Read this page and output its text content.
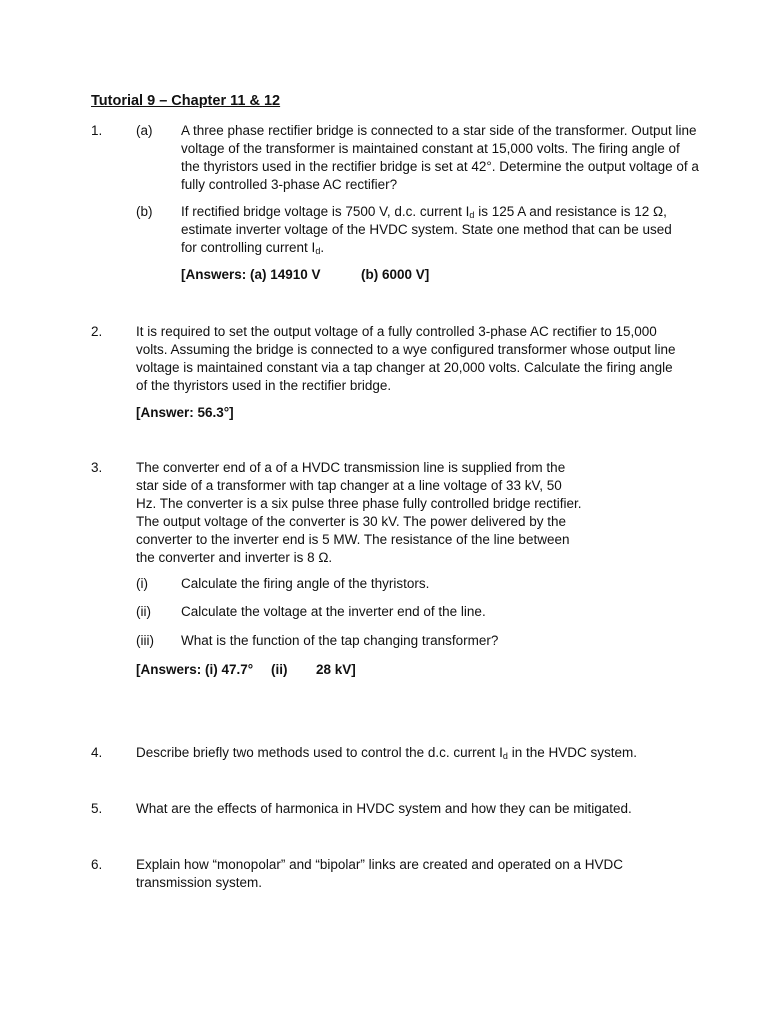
Tutorial 9 – Chapter 11 & 12
1. (a) A three phase rectifier bridge is connected to a star side of the transformer. Output line voltage of the transformer is maintained constant at 15,000 volts. The firing angle of the thyristors used in the rectifier bridge is set at 42°. Determine the output voltage of a fully controlled 3-phase AC rectifier?
(b) If rectified bridge voltage is 7500 V, d.c. current $I_d$ is 125 A and resistance is 12 Ω, estimate inverter voltage of the HVDC system. State one method that can be used for controlling current $I_d$.
[Answers: (a) 14910 V	(b) 6000 V]
2. It is required to set the output voltage of a fully controlled 3-phase AC rectifier to 15,000 volts. Assuming the bridge is connected to a wye configured transformer whose output line voltage is maintained constant via a tap changer at 20,000 volts. Calculate the firing angle of the thyristors used in the rectifier bridge.
[Answer: 56.3°]
3. The converter end of a of a HVDC transmission line is supplied from the star side of a transformer with tap changer at a line voltage of 33 kV, 50 Hz. The converter is a six pulse three phase fully controlled bridge rectifier. The output voltage of the converter is 30 kV. The power delivered by the converter to the inverter end is 5 MW. The resistance of the line between the converter and inverter is 8 Ω.
(i) Calculate the firing angle of the thyristors.
(ii) Calculate the voltage at the inverter end of the line.
(iii) What is the function of the tap changing transformer?
[Answers: (i) 47.7° (ii) 28 kV]
4. Describe briefly two methods used to control the d.c. current $I_d$ in the HVDC system.
5. What are the effects of harmonica in HVDC system and how they can be mitigated.
6. Explain how “monopolar” and “bipolar” links are created and operated on a HVDC transmission system.
